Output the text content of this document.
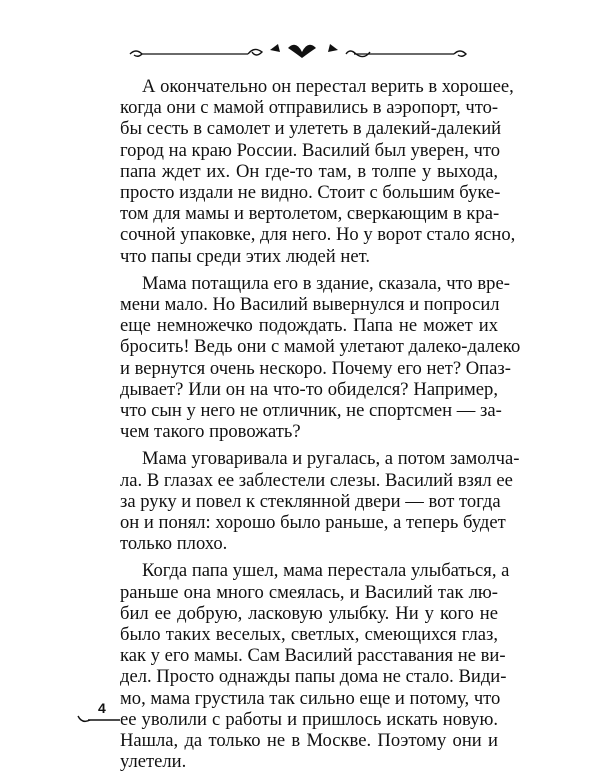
А окончательно он перестал верить в хорошее,
когда они с мамой отправились в аэропорт, что-
бы сесть в самолет и улететь в далекий-далекий
город на краю России. Василий был уверен, что
папа ждет их. Он где-то там, в толпе у выхода,
просто издали не видно. Стоит с большим буке-
том для мамы и вертолетом, сверкающим в кра-
сочной упаковке, для него. Но у ворот стало ясно,
что папы среди этих людей нет.

Мама потащила его в здание, сказала, что вре-
мени мало. Но Василий вывернулся и попросил
еще немножечко подождать. Папа не может их
бросить! Ведь они с мамой улетают далеко-далеко
и вернутся очень нескоро. Почему его нет? Опаз-
дывает? Или он на что-то обиделся? Например,
что сын у него не отличник, не спортсмен — за-
чем такого провожать?

Мама уговаривала и ругалась, а потом замолча-
ла. В глазах ее заблестели слезы. Василий взял ее
за руку и повел к стеклянной двери — вот тогда
он и понял: хорошо было раньше, а теперь будет
только плохо.

Когда папа ушел, мама перестала улыбаться, а
раньше она много смеялась, и Василий так лю-
бил ее добрую, ласковую улыбку. Ни у кого не
было таких веселых, светлых, смеющихся глаз,
как у его мамы. Сам Василий расставания не ви-
дел. Просто однажды папы дома не стало. Види-
мо, мама грустила так сильно еще и потому, что
ее уволили с работы и пришлось искать новую.
Нашла, да только не в Москве. Поэтому они и
улетели.

4
